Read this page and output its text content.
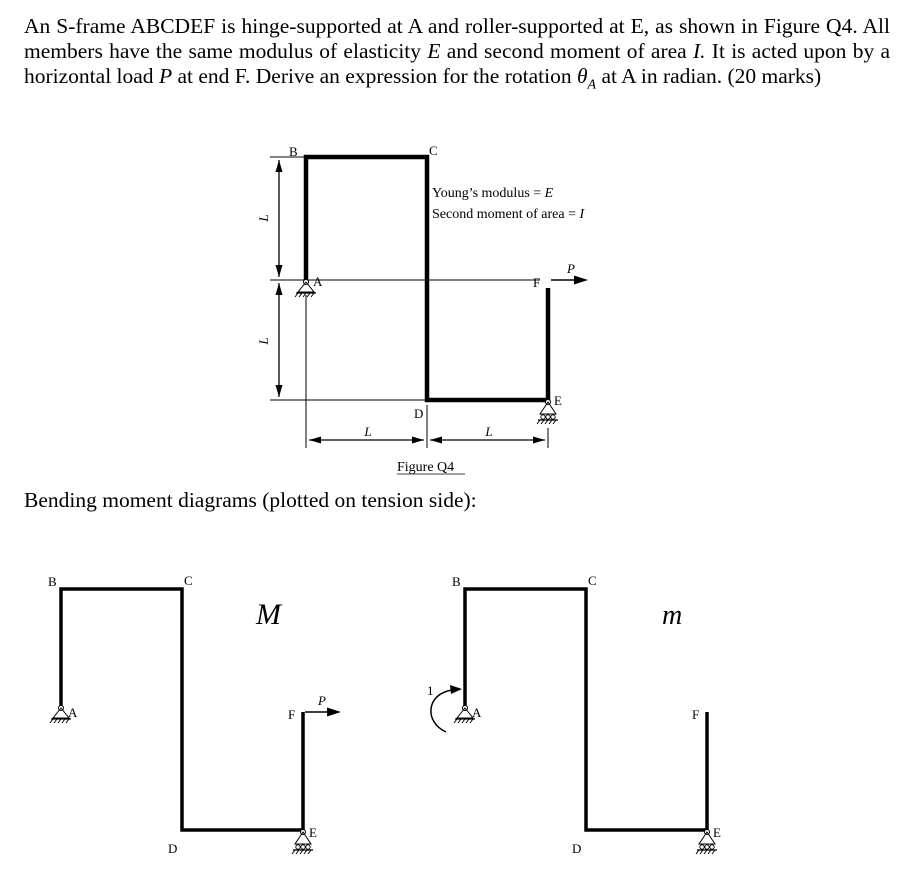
An S-frame ABCDEF is hinge-supported at A and roller-supported at E, as shown in Figure Q4. All members have the same modulus of elasticity E and second moment of area I. It is acted upon by a horizontal load P at end F. Derive an expression for the rotation $\theta_A$ at A in radian. (20 marks)

L
L
L	L
P
B	C
A	F
D
E
Young’s modulus = E
Second moment of area = I
Figure Q4
P
M
B	C
A	F
D
E
1
m
B	C
A	F
D
E

Bending moment diagrams (plotted on tension side):
